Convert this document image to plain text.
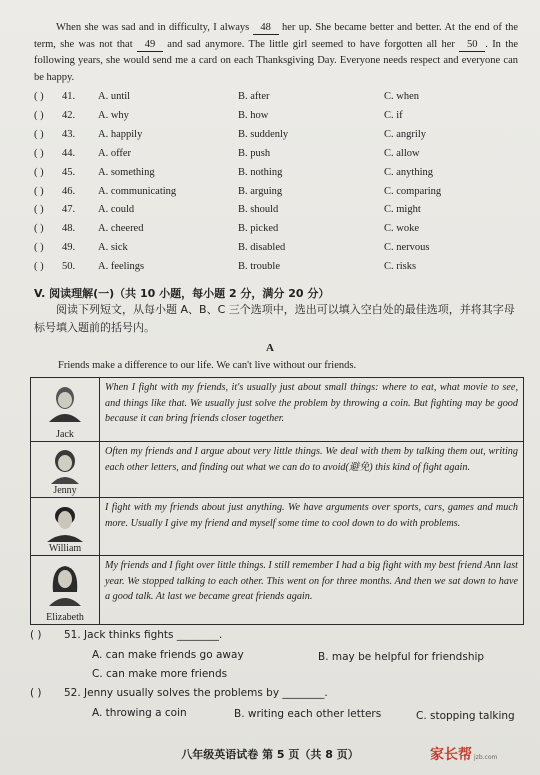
When she was sad and in difficulty, I always 48 her up. She became better and better. At the end of the term, she was not that 49 and sad anymore. The little girl seemed to have forgotten all her 50 . In the following years, she would send me a card on each Thanksgiving Day. Everyone needs respect and everyone can be happy.
( ) 41. A. until	B. after	C. when
( ) 42. A. why	B. how	C. if
( ) 43. A. happily	B. suddenly	C. angrily
( ) 44. A. offer	B. push	C. allow
( ) 45. A. something	B. nothing	C. anything
( ) 46. A. communicating	B. arguing	C. comparing
( ) 47. A. could	B. should	C. might
( ) 48. A. cheered	B. picked	C. woke
( ) 49. A. sick	B. disabled	C. nervous
( ) 50. A. feelings	B. trouble	C. risks
V. 阅读理解(一)（共 10 小题，每小题 2 分，满分 20 分）
阅读下列短文，从每小题 A、B、C 三个选项中，选出可以填入空白处的最佳选项，并将其字母标号填入题前的括号内。
A
Friends make a difference to our life. We can't live without our friends.
Jack	When I fight with my friends, it's usually just about small things: where to eat, what movie to see, and things like that. We usually just solve the problem by throwing a coin. But fighting may be good because it can bring friends closer together.

Jenny	Often my friends and I argue about very little things. We deal with them by talking them out, writing each other letters, and finding out what we can do to avoid(避免) this kind of fight again.

William	I fight with my friends about just anything. We have arguments over sports, cars, games and much more. Usually I give my friend and myself some time to cool down to do with problems.

Elizabeth	My friends and I fight over little things. I still remember I had a big fight with my best friend Ann last year. We stopped talking to each other. This went on for three months. And then we sat down to have a good talk. At last we became great friends again.
( ) 51. Jack thinks fights ________.
A. can make friends go away	B. may be helpful for friendship
C. can make more friends
( ) 52. Jenny usually solves the problems by ________.
A. throwing a coin	B. writing each other letters	C. stopping talking
八年级英语试卷 第 5 页（共 8 页）	家长帮 jzb.com
